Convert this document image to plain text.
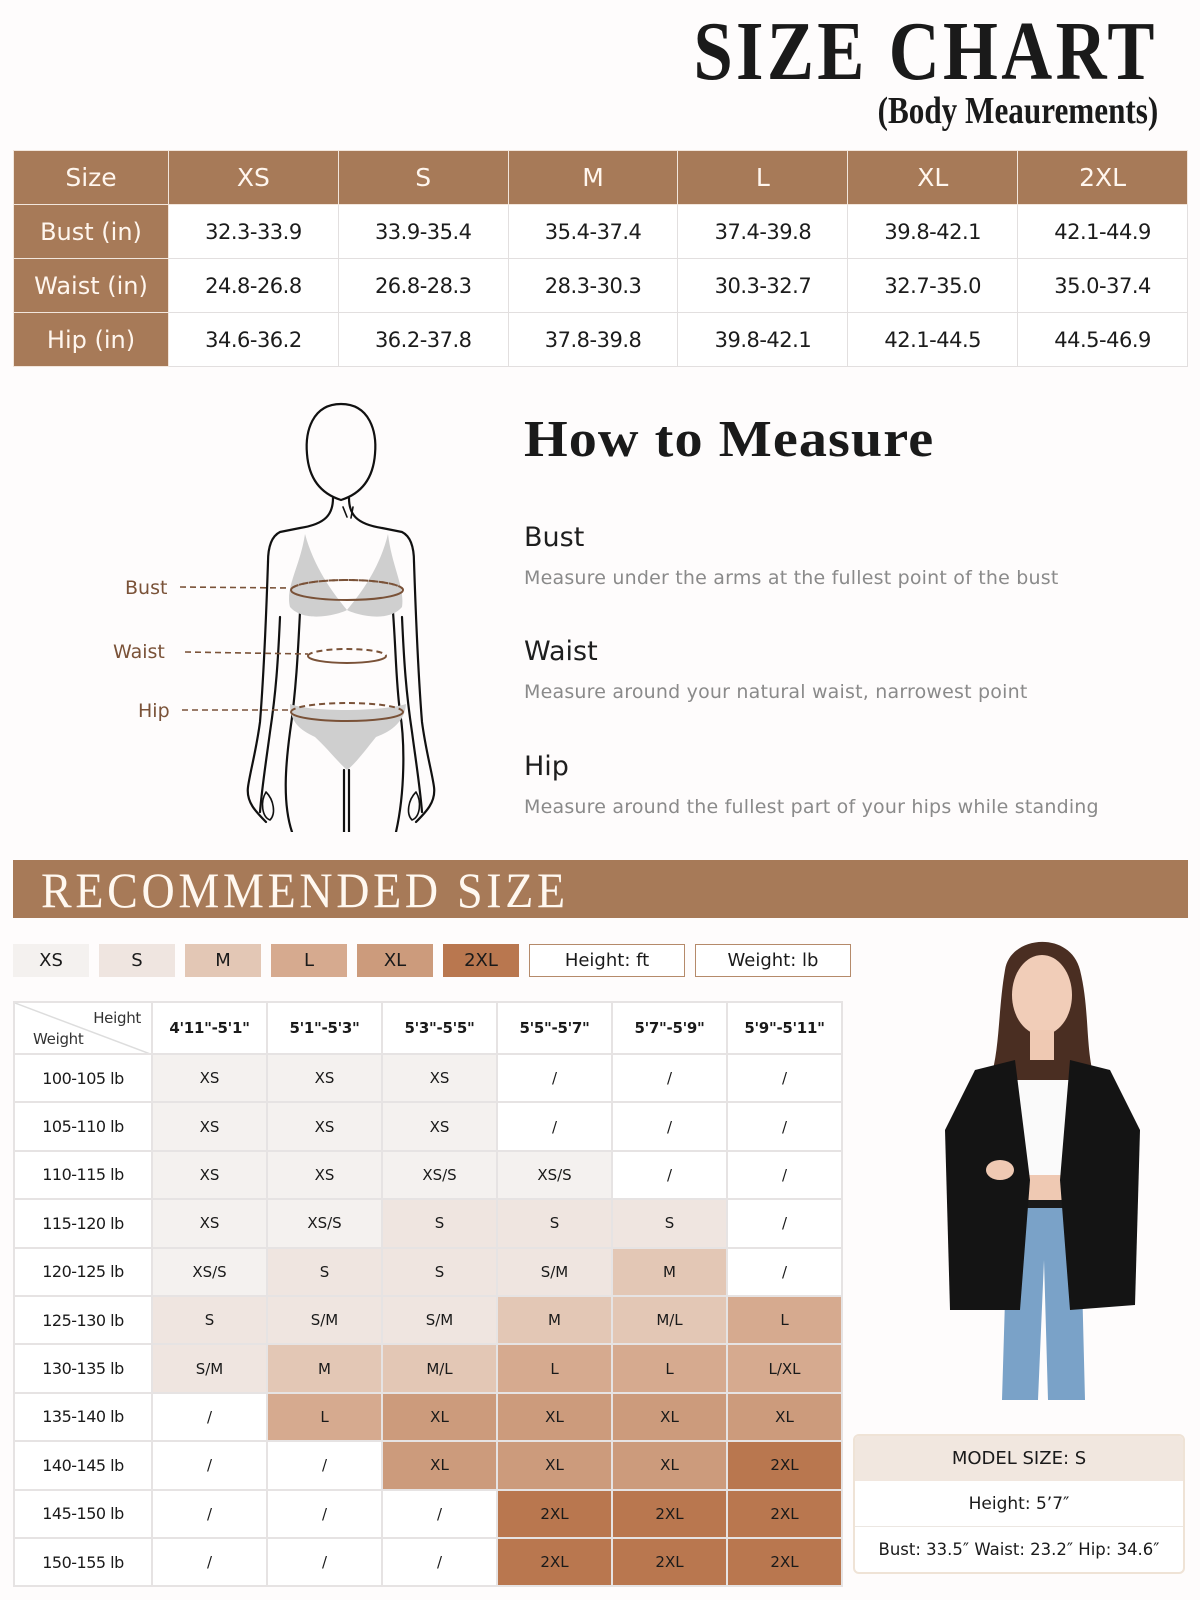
SIZE CHART
(Body Meaurements)
Size	XS	S	M	L	XL	2XL
Bust (in)	32.3-33.9	33.9-35.4	35.4-37.4	37.4-39.8	39.8-42.1	42.1-44.9
Waist (in)	24.8-26.8	26.8-28.3	28.3-30.3	30.3-32.7	32.7-35.0	35.0-37.4
Hip (in)	34.6-36.2	36.2-37.8	37.8-39.8	39.8-42.1	42.1-44.5	44.5-46.9
Bust
Waist
Hip
How to Measure
Bust
Measure under the arms at the fullest point of the bust
Waist
Measure around your natural waist, narrowest point
Hip
Measure around the fullest part of your hips while standing
RECOMMENDED SIZE
XS	S	M	L	XL	2XL	Height: ft	Weight: lb
Height
Weight	4'11"-5'1"	5'1"-5'3"	5'3"-5'5"	5'5"-5'7"	5'7"-5'9"	5'9"-5'11"
100-105 lb	XS	XS	XS	/	/	/
105-110 lb	XS	XS	XS	/	/	/
110-115 lb	XS	XS	XS/S	XS/S	/	/
115-120 lb	XS	XS/S	S	S	S	/
120-125 lb	XS/S	S	S	S/M	M	/
125-130 lb	S	S/M	S/M	M	M/L	L
130-135 lb	S/M	M	M/L	L	L	L/XL
135-140 lb	/	L	XL	XL	XL	XL
140-145 lb	/	/	XL	XL	XL	2XL
145-150 lb	/	/	/	2XL	2XL	2XL
150-155 lb	/	/	/	2XL	2XL	2XL
MODEL SIZE: S
Height: 5’7″
Bust: 33.5″ Waist: 23.2″ Hip: 34.6″
